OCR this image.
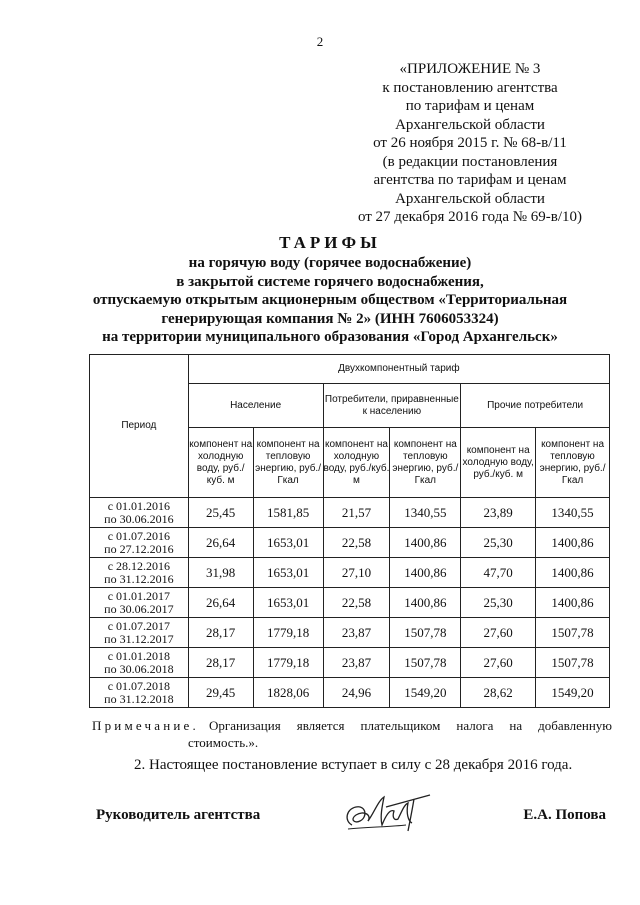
2
«ПРИЛОЖЕНИЕ № 3
к постановлению агентства
по тарифам и ценам
Архангельской области
от 26 ноября 2015 г. № 68-в/11
(в редакции постановления
агентства по тарифам и ценам
Архангельской области
от 27 декабря 2016 года № 69-в/10)
ТАРИФЫ
на горячую воду (горячее водоснабжение)
в закрытой системе горячего водоснабжения,
отпускаемую открытым акционерным обществом «Территориальная
генерирующая компания № 2» (ИНН 7606053324)
на территории муниципального образования «Город Архангельск»
Период	Двухкомпонентный тариф					
	Население		Потребители, приравненные к населению		Прочие потребители	
	компонент на холодную воду, руб./куб. м	компонент на тепловую энергию, руб./Гкал	компонент на холодную воду, руб./куб. м	компонент на тепловую энергию, руб./Гкал	компонент на холодную воду, руб./куб. м	компонент на тепловую энергию, руб./Гкал

с 01.01.2016
по 30.06.2016	25,45	1581,85	21,57	1340,55	23,89	1340,55

с 01.07.2016
по 27.12.2016	26,64	1653,01	22,58	1400,86	25,30	1400,86

с 28.12.2016
по 31.12.2016	31,98	1653,01	27,10	1400,86	47,70	1400,86

с 01.01.2017
по 30.06.2017	26,64	1653,01	22,58	1400,86	25,30	1400,86

с 01.07.2017
по 31.12.2017	28,17	1779,18	23,87	1507,78	27,60	1507,78

с 01.01.2018
по 30.06.2018	28,17	1779,18	23,87	1507,78	27,60	1507,78

с 01.07.2018
по 31.12.2018	29,45	1828,06	24,96	1549,20	28,62	1549,20
Примечание. Организация является плательщиком налога на добавленную
стоимость.».
2. Настоящее постановление вступает в силу с 28 декабря 2016 года.
Руководитель агентства	Е.А. Попова
